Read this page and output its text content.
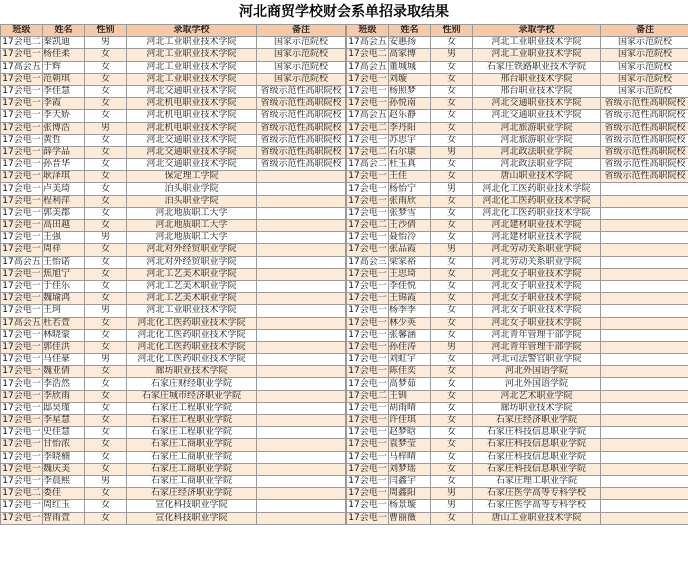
河北商贸学校财会系单招录取结果
班级	姓名	性别	录取学校	备注
17会电二	秦凯迪	男	河北工业职业技术学院	国家示范院校
17会电一	杨佳柔	女	河北工业职业技术学院	国家示范院校
17高会五	于辉	女	河北工业职业技术学院	国家示范院校
17会电一	范朝琪	女	河北工业职业技术学院	国家示范院校
17会电一	李佳慧	女	河北交通职业技术学院	省级示范性高职院校
17会电一	李霞	女	河北机电职业技术学院	省级示范性高职院校
17会电一	李天娇	女	河北机电职业技术学院	省级示范性高职院校
17会电一	张博浩	男	河北机电职业技术学院	省级示范性高职院校
17会电一	黄哲	女	河北交通职业技术学院	省级示范性高职院校
17会电一	薛学品	女	河北交通职业技术学院	省级示范性高职院校
17会电一	孙晋华	女	河北交通职业技术学院	省级示范性高职院校
17会电一	耿泽琪	女	保定理工学院	
17会电一	卢美琦	女	泊头职业学院	
17会电一	程利萍	女	泊头职业学院	
17会电一	郭美郡	女	河北地质职工大学	
17会电一	高田越	女	河北地质职工大学	
17会电一	王强	男	河北地质职工大学	
17会电一	周祥	女	河北对外经贸职业学院	
17高会五	王怡诺	女	河北对外经贸职业学院	
17会电一	焦旭宁	女	河北工艺美术职业学院	
17会电一	于佳乐	女	河北工艺美术职业学院	
17会电一	魏瑜鸿	女	河北工艺美术职业学院	
17会电一	王珂	男	河北工业职业技术学院	
17高会五	杜若萱	女	河北化工医药职业技术学院	
17会电一	林晓蒙	女	河北化工医药职业技术学院	
17会电一	郭佳洪	女	河北化工医药职业技术学院	
17会电一	马佳豪	男	河北化工医药职业技术学院	
17会电一	魏亚倩	女	廊坊职业技术学院	
17会电一	李浩然	女	石家庄财经职业学院	
17会电一	李欣雨	女	石家庄城市经济职业学院	
17会电一	邸昊瑾	女	石家庄工程职业学院	
17会电一	李星慧	女	石家庄工程职业学院	
17会电一	史佳慧	女	石家庄工程职业学院	
17会电一	甘怡浓	女	石家庄工商职业学院	
17会电一	李晓楠	女	石家庄工商职业学院	
17会电一	魏庆美	女	石家庄工商职业学院	
17会电一	李晨熙	男	石家庄工商职业学院	
17会电二	娄佳	女	石家庄经济职业学院	
17会电一	周红玉	女	宣化科技职业学院	
17会电一	智雨萱	女	宣化科技职业学院	
班级	姓名	性别	录取学校	备注
17高会五	安惠扬	女	河北工业职业技术学院	国家示范院校
17会电二	高家博	男	河北工业职业技术学院	国家示范院校
17高会五	董城城	女	石家庄铁路职业技术学院	国家示范院校
17会电一	刘璇	女	邢台职业技术学院	国家示范院校
17会电一	杨照梦	女	邢台职业技术学院	国家示范院校
17会电一	孙悦南	女	河北交通职业技术学院	省级示范性高职院校
17高会五	赵乐静	女	河北交通职业技术学院	省级示范性高职院校
17会电二	李丹阳	女	河北旅游职业学院	省级示范性高职院校
17会电一	苏思宇	女	河北旅游职业学院	省级示范性高职院校
17会电二	石尔康	男	河北政法职业学院	省级示范性高职院校
17高会二	杜玉真	女	河北政法职业学院	省级示范性高职院校
17会电一	王佳	女	唐山职业技术学院	省级示范性高职院校
17会电一	杨怡宁	男	河北化工医药职业技术学院	
17会电一	张雨欣	女	河北化工医药职业技术学院	
17会电一	张梦雪	女	河北化工医药职业技术学院	
17会电二	王沙倩	女	河北建材职业技术学院	
17会电一	聂怡冷	女	河北建材职业技术学院	
17会电一	张品霞	男	河北劳动关系职业学院	
17高会三	梁家裕	女	河北劳动关系职业学院	
17会电一	王思琦	女	河北女子职业技术学院	
17会电一	李佳悦	女	河北女子职业技术学院	
17会电一	王锦霞	女	河北女子职业技术学院	
17会电一	杨季季	女	河北女子职业技术学院	
17会电一	林少英	女	河北女子职业技术学院	
17会电一	张馨涵	女	河北青年管理干部学院	
17会电一	孙佳涛	男	河北青年管理干部学院	
17会电一	刘虹宇	女	河北司法警官职业学院	
17会电一	陈佳奕	女	河北外国语学院	
17会电一	高梦茹	女	河北外国语学院	
17会电二	王钏	女	河北艺术职业学院	
17会电一	胡雨晴	女	廊坊职业技术学院	
17会电一	许佳琪	女	石家庄经济职业学院	
17会电一	赵梦晗	女	石家庄科技信息职业学院	
17会电一	袁梦莹	女	石家庄科技信息职业学院	
17会电一	马梓晴	女	石家庄科技信息职业学院	
17会电一	刘梦瑶	女	石家庄科技信息职业学院	
17会电一	闫鑫宇	女	石家庄理工职业学院	
17会电一	周鑫阳	男	石家庄医学高等专科学校	
17会电一	杨景璇	男	石家庄医学高等专科学校	
17会电一	曹丽薇	女	唐山工业职业技术学院	
